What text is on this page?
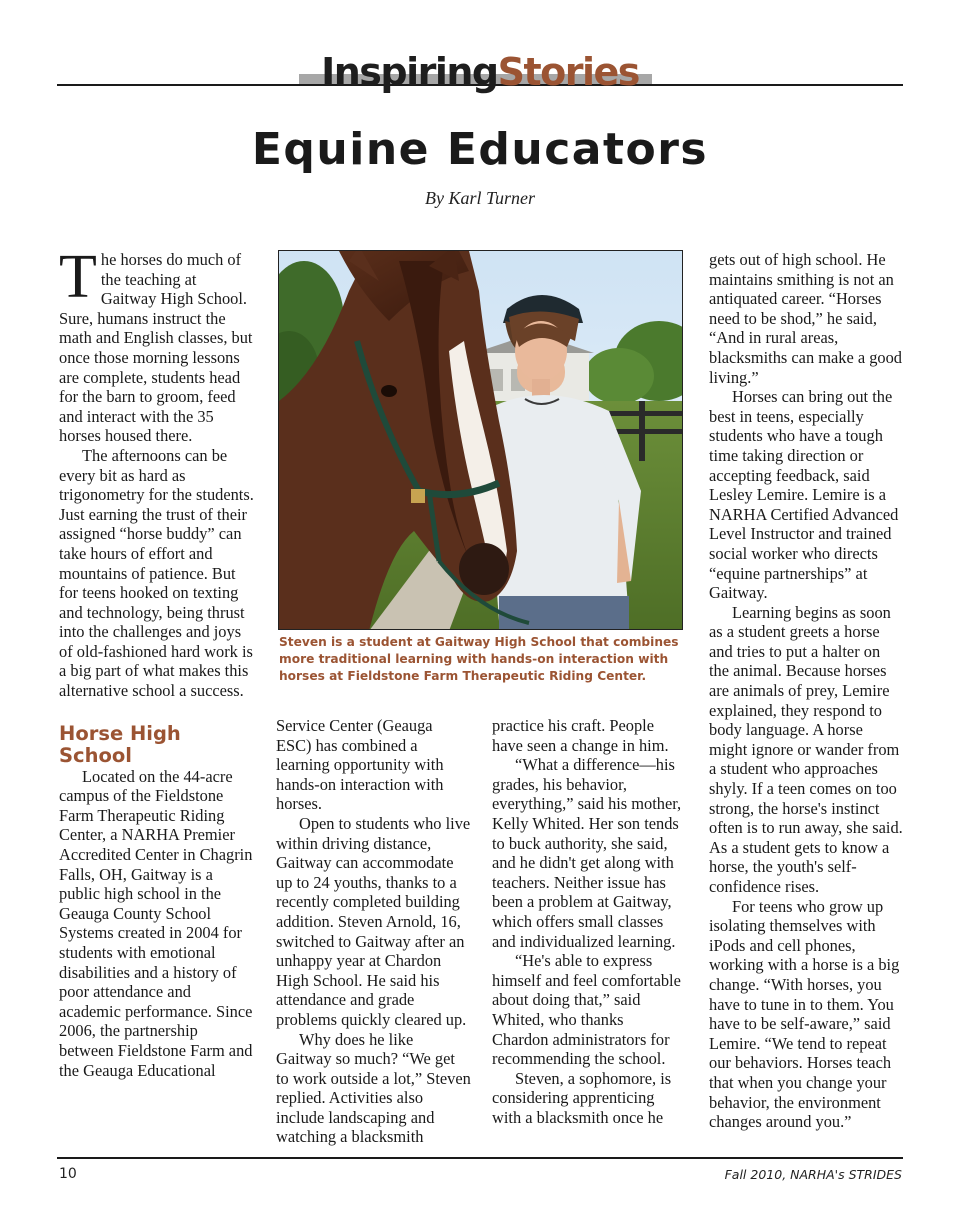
InspiringStories
Equine Educators
By Karl Turner

The horses do much of the teaching at Gaitway High School. Sure, humans instruct the math and English classes, but once those morning lessons are complete, students head for the barn to groom, feed and interact with the 35 horses housed there.

The afternoons can be every bit as hard as trigonometry for the students. Just earning the trust of their assigned “horse buddy” can take hours of effort and mountains of patience. But for teens hooked on texting and technology, being thrust into the challenges and joys of old-fashioned hard work is a big part of what makes this alternative school a success.

Horse High School

Located on the 44-acre campus of the Fieldstone Farm Therapeutic Riding Center, a NARHA Premier Accredited Center in Chagrin Falls, OH, Gaitway is a public high school in the Geauga County School Systems created in 2004 for students with emotional disabilities and a history of poor attendance and academic performance. Since 2006, the partnership between Fieldstone Farm and the Geauga Educational

Steven is a student at Gaitway High School that combines more traditional learning with hands-on interaction with horses at Fieldstone Farm Therapeutic Riding Center.

Service Center (Geauga ESC) has combined a learning opportunity with hands-on interaction with horses.

Open to students who live within driving distance, Gaitway can accommodate up to 24 youths, thanks to a recently completed building addition. Steven Arnold, 16, switched to Gaitway after an unhappy year at Chardon High School. He said his attendance and grade problems quickly cleared up.

Why does he like Gaitway so much? “We get to work outside a lot,” Steven replied. Activities also include landscaping and watching a blacksmith

practice his craft. People have seen a change in him.

“What a difference—his grades, his behavior, everything,” said his mother, Kelly Whited. Her son tends to buck authority, she said, and he didn't get along with teachers. Neither issue has been a problem at Gaitway, which offers small classes and individualized learning.

“He's able to express himself and feel comfortable about doing that,” said Whited, who thanks Chardon administrators for recommending the school.

Steven, a sophomore, is considering apprenticing with a blacksmith once he

gets out of high school. He maintains smithing is not an antiquated career. “Horses need to be shod,” he said, “And in rural areas, blacksmiths can make a good living.”

Horses can bring out the best in teens, especially students who have a tough time taking direction or accepting feedback, said Lesley Lemire. Lemire is a NARHA Certified Advanced Level Instructor and trained social worker who directs “equine partnerships” at Gaitway.

Learning begins as soon as a student greets a horse and tries to put a halter on the animal. Because horses are animals of prey, Lemire explained, they respond to body language. A horse might ignore or wander from a student who approaches shyly. If a teen comes on too strong, the horse's instinct often is to run away, she said. As a student gets to know a horse, the youth's self-confidence rises.

For teens who grow up isolating themselves with iPods and cell phones, working with a horse is a big change. “With horses, you have to tune in to them. You have to be self-aware,” said Lemire. “We tend to repeat our behaviors. Horses teach that when you change your behavior, the environment changes around you.”

10	Fall 2010, NARHA's STRIDES
